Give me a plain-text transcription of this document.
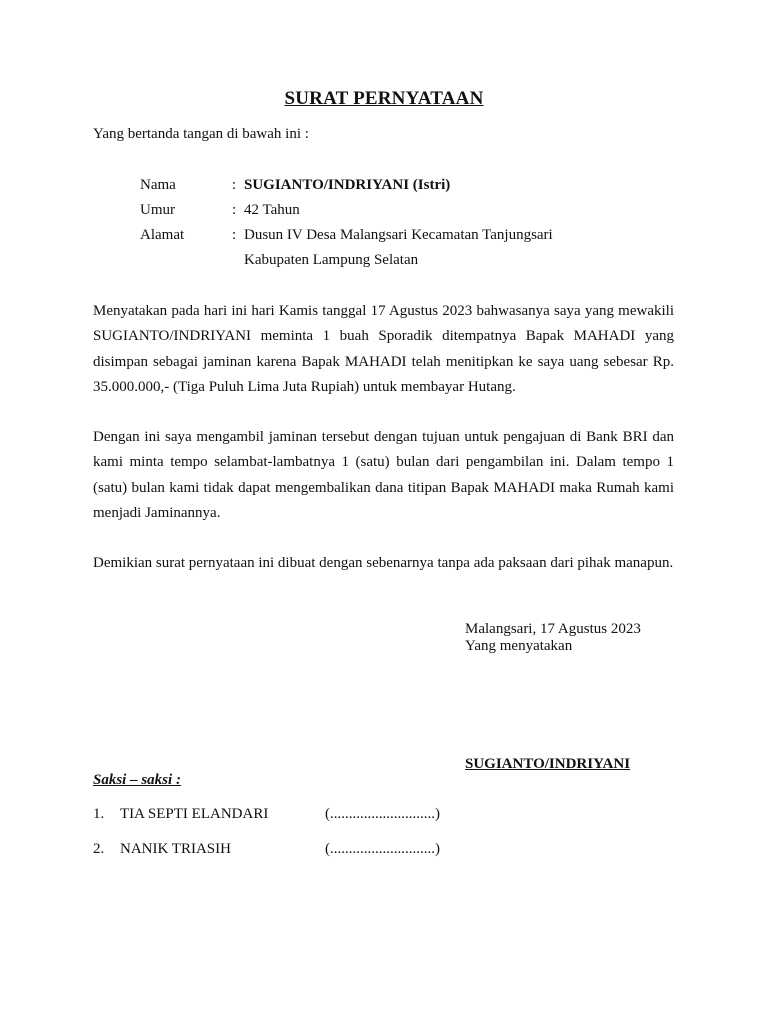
SURAT PERNYATAAN
Yang bertanda tangan di bawah ini :
Nama	: SUGIANTO/INDRIYANI (Istri)
Umur	: 42 Tahun
Alamat	: Dusun IV Desa Malangsari Kecamatan Tanjungsari
Kabupaten Lampung Selatan
Menyatakan pada hari ini hari Kamis tanggal 17 Agustus 2023 bahwasanya saya yang mewakili SUGIANTO/INDRIYANI meminta 1 buah Sporadik ditempatnya Bapak MAHADI yang disimpan sebagai jaminan karena Bapak MAHADI telah menitipkan ke saya uang sebesar Rp. 35.000.000,- (Tiga Puluh Lima Juta Rupiah) untuk membayar Hutang.
Dengan ini saya mengambil jaminan tersebut dengan tujuan untuk pengajuan di Bank BRI dan kami minta tempo selambat-lambatnya 1 (satu) bulan dari pengambilan ini. Dalam tempo 1 (satu) bulan kami tidak dapat mengembalikan dana titipan Bapak MAHADI maka Rumah kami menjadi Jaminannya.
Demikian surat pernyataan ini dibuat dengan sebenarnya tanpa ada paksaan dari pihak manapun.
Malangsari, 17 Agustus 2023
Yang menyatakan
SUGIANTO/INDRIYANI
Saksi – saksi :
1.	TIA SEPTI ELANDARI	(............................)
2.	NANIK TRIASIH	(............................)
